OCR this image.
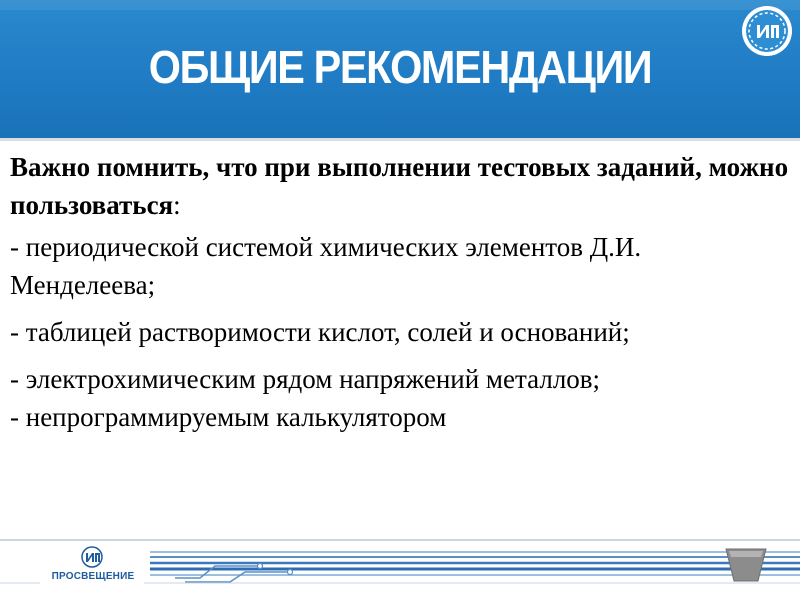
ОБЩИЕ РЕКОМЕНДАЦИИ

Важно помнить, что при выполнении тестовых заданий, можно пользоваться:

- периодической системой химических элементов Д.И. Менделеева;

- таблицей растворимости кислот, солей и оснований;

- электрохимическим рядом напряжений металлов;

- непрограммируемым калькулятором

ПРОСВЕЩЕНИЕ
